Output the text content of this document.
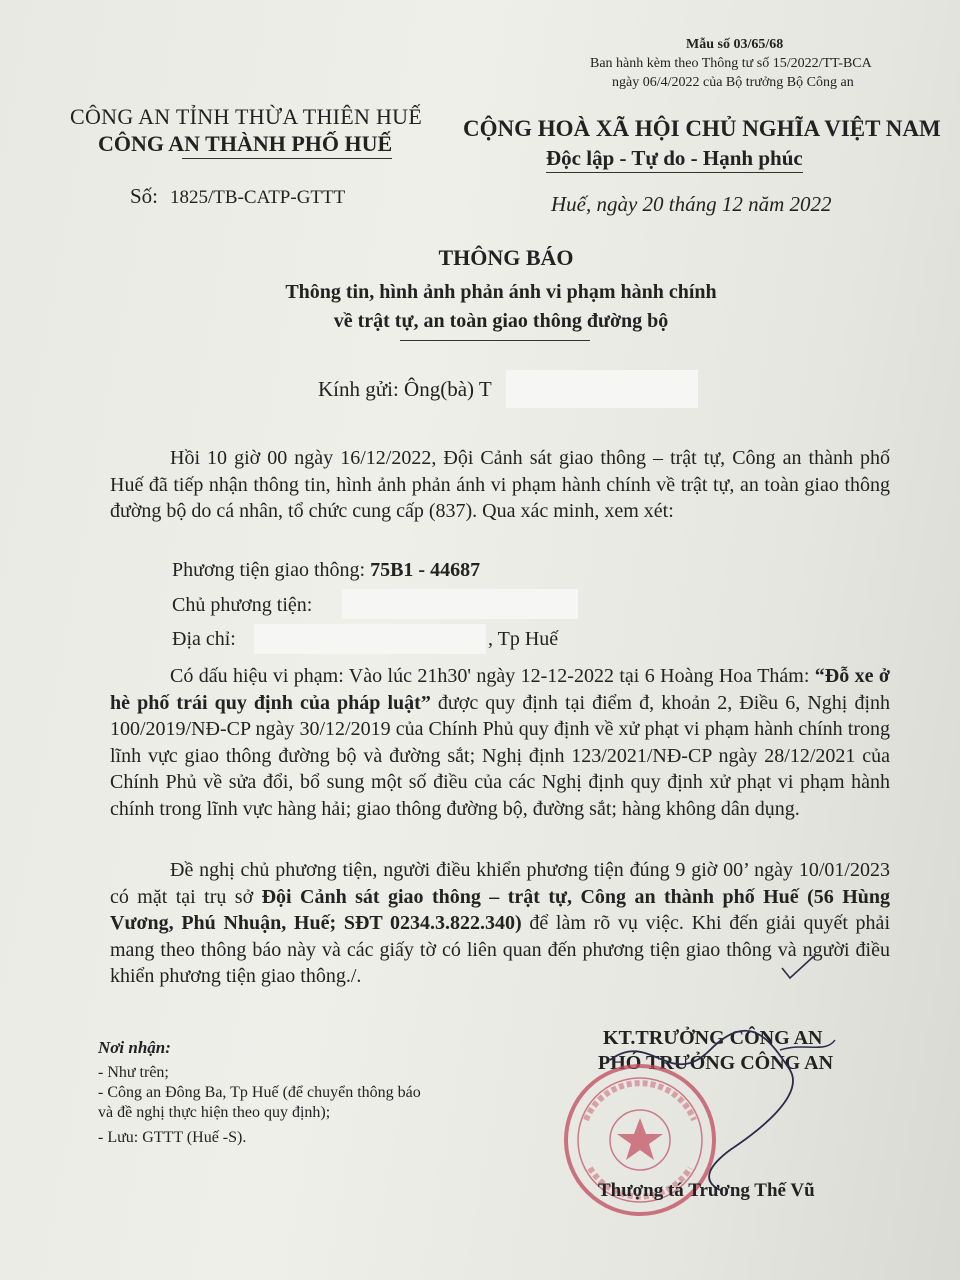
Mẫu số 03/65/68
Ban hành kèm theo Thông tư số 15/2022/TT-BCA
ngày 06/4/2022 của Bộ trưởng Bộ Công an
CÔNG AN TỈNH THỪA THIÊN HUẾ
CÔNG AN THÀNH PHỐ HUẾ
Số: 1825/TB-CATP-GTTT
CỘNG HOÀ XÃ HỘI CHỦ NGHĨA VIỆT NAM
Độc lập - Tự do - Hạnh phúc
Huế, ngày 20 tháng 12 năm 2022
THÔNG BÁO
Thông tin, hình ảnh phản ánh vi phạm hành chính
về trật tự, an toàn giao thông đường bộ
Kính gửi: Ông(bà) T
Hồi 10 giờ 00 ngày 16/12/2022, Đội Cảnh sát giao thông – trật tự, Công an thành phố Huế đã tiếp nhận thông tin, hình ảnh phản ánh vi phạm hành chính về trật tự, an toàn giao thông đường bộ do cá nhân, tổ chức cung cấp (837). Qua xác minh, xem xét:
Phương tiện giao thông: 75B1 - 44687
Chủ phương tiện:
Địa chỉ:	, Tp Huế
Có dấu hiệu vi phạm: Vào lúc 21h30' ngày 12-12-2022 tại 6 Hoàng Hoa Thám: “Đỗ xe ở hè phố trái quy định của pháp luật” được quy định tại điểm đ, khoản 2, Điều 6, Nghị định 100/2019/NĐ-CP ngày 30/12/2019 của Chính Phủ quy định về xử phạt vi phạm hành chính trong lĩnh vực giao thông đường bộ và đường sắt; Nghị định 123/2021/NĐ-CP ngày 28/12/2021 của Chính Phủ về sửa đổi, bổ sung một số điều của các Nghị định quy định xử phạt vi phạm hành chính trong lĩnh vực hàng hải; giao thông đường bộ, đường sắt; hàng không dân dụng.
Đề nghị chủ phương tiện, người điều khiển phương tiện đúng 9 giờ 00’ ngày 10/01/2023 có mặt tại trụ sở Đội Cảnh sát giao thông – trật tự, Công an thành phố Huế (56 Hùng Vương, Phú Nhuận, Huế; SĐT 0234.3.822.340) để làm rõ vụ việc. Khi đến giải quyết phải mang theo thông báo này và các giấy tờ có liên quan đến phương tiện giao thông và người điều khiển phương tiện giao thông./.
Nơi nhận:
- Như trên;
- Công an Đông Ba, Tp Huế (để chuyển thông báo
và đề nghị thực hiện theo quy định);
- Lưu: GTTT (Huế -S).
KT.TRƯỞNG CÔNG AN
PHÓ TRƯỞNG CÔNG AN
Thượng tá Trương Thế Vũ
